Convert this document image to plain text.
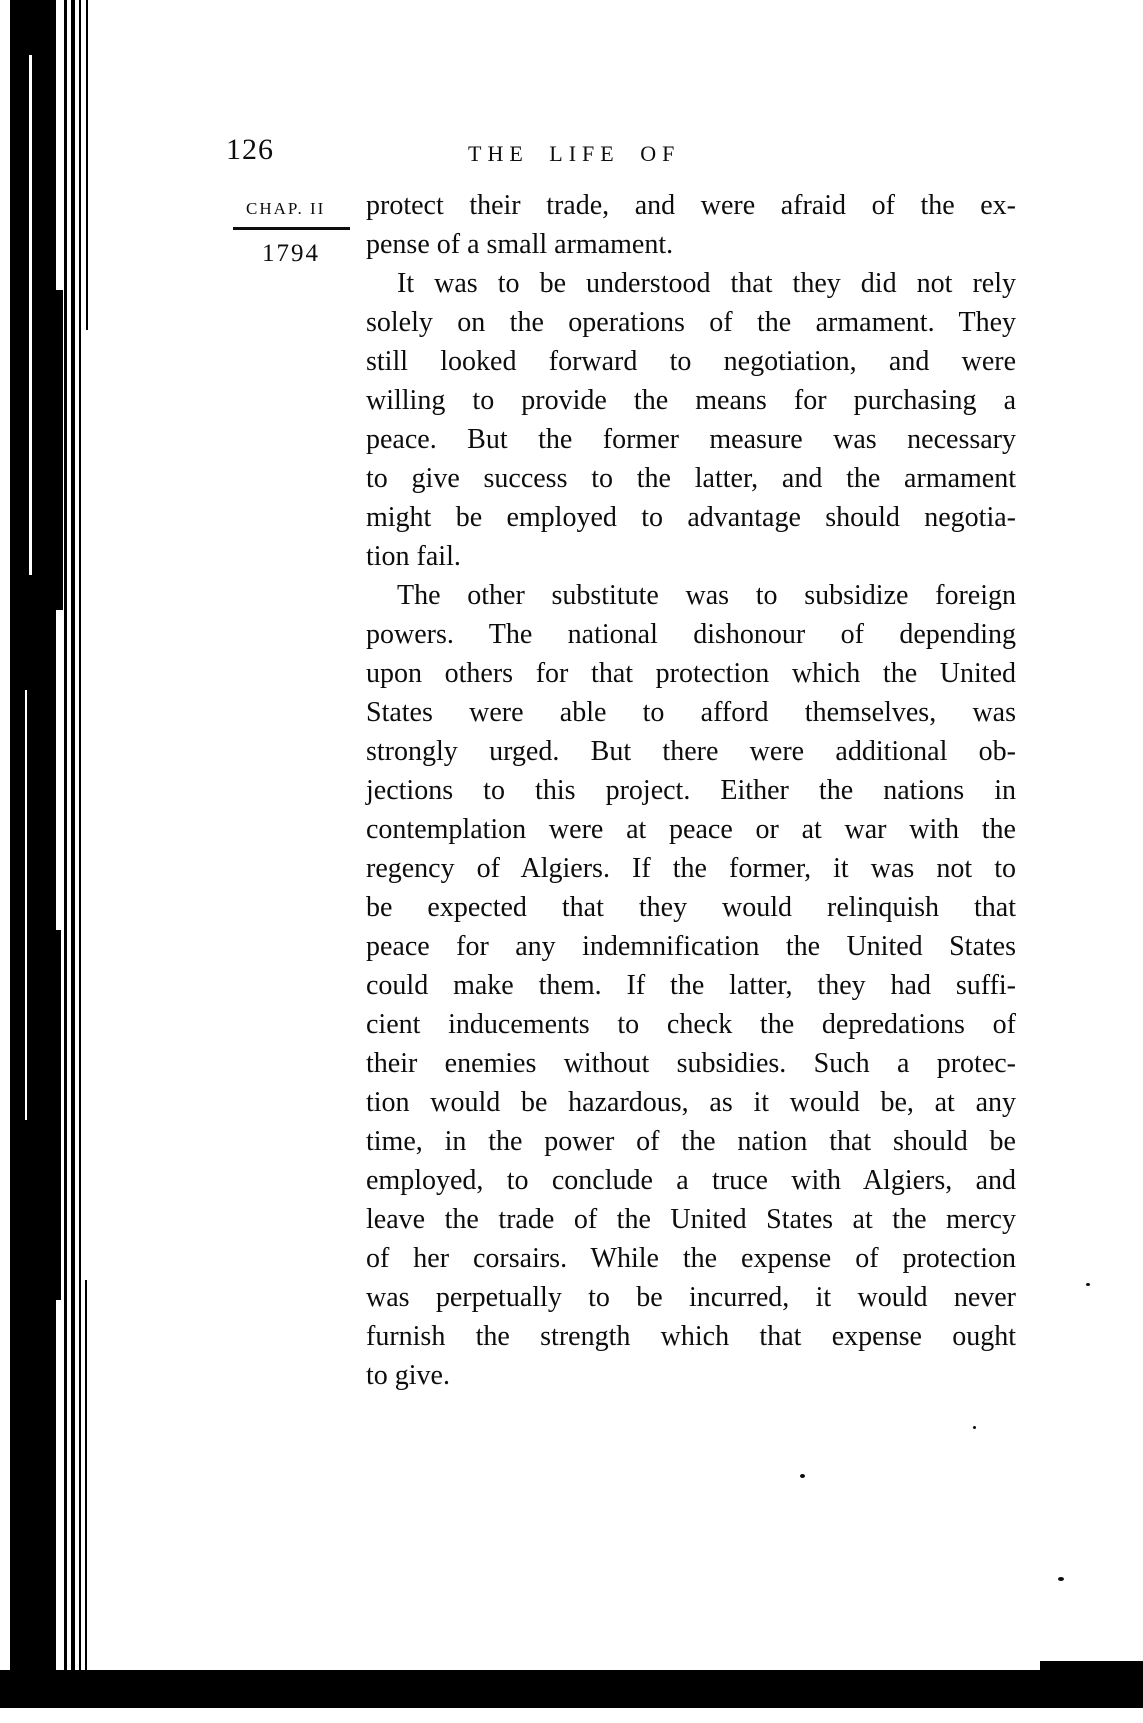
126	THE LIFE OF
CHAP. II
1794
protect their trade, and were afraid of the ex-
pense of a small armament.
It was to be understood that they did not rely
solely on the operations of the armament. They
still looked forward to negotiation, and were
willing to provide the means for purchasing a
peace. But the former measure was necessary
to give success to the latter, and the armament
might be employed to advantage should negotia-
tion fail.
The other substitute was to subsidize foreign
powers. The national dishonour of depending
upon others for that protection which the United
States were able to afford themselves, was
strongly urged. But there were additional ob-
jections to this project. Either the nations in
contemplation were at peace or at war with the
regency of Algiers. If the former, it was not to
be expected that they would relinquish that
peace for any indemnification the United States
could make them. If the latter, they had suffi-
cient inducements to check the depredations of
their enemies without subsidies. Such a protec-
tion would be hazardous, as it would be, at any
time, in the power of the nation that should be
employed, to conclude a truce with Algiers, and
leave the trade of the United States at the mercy
of her corsairs. While the expense of protection
was perpetually to be incurred, it would never
furnish the strength which that expense ought
to give.
